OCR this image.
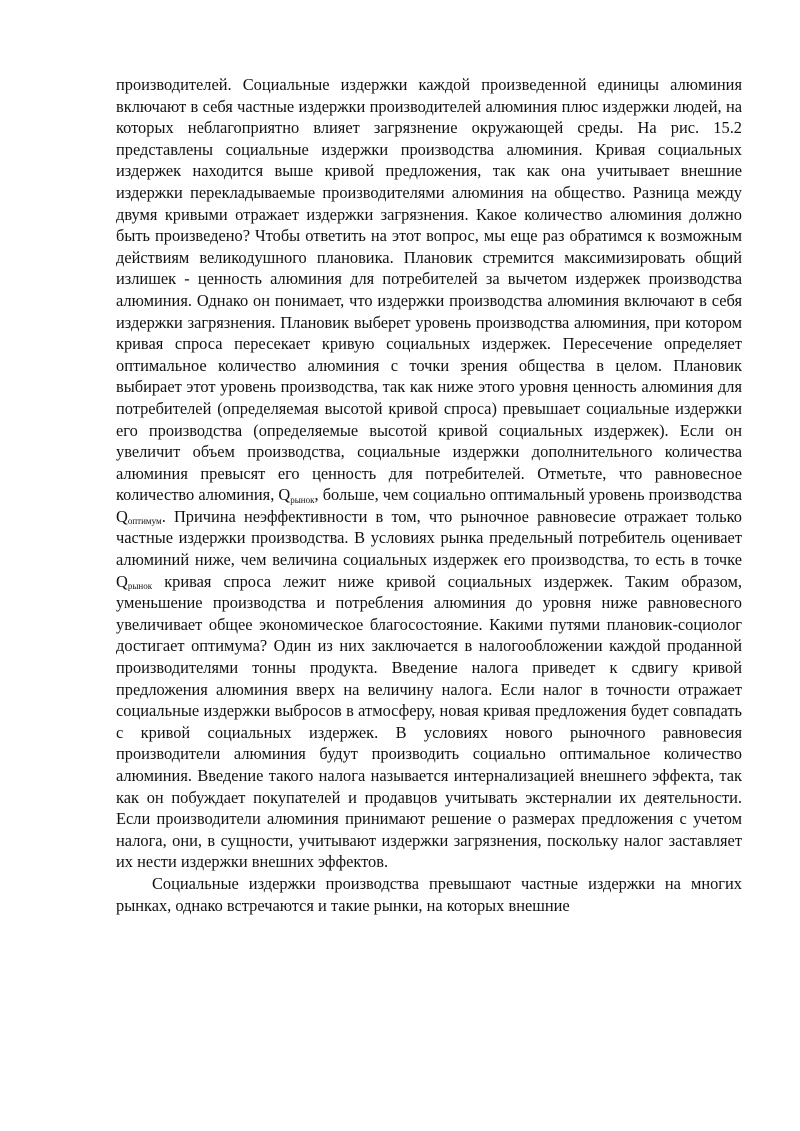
производителей. Социальные издержки каждой произведенной единицы алюминия включают в себя частные издержки производителей алюминия плюс издержки людей, на которых неблагоприятно влияет загрязнение окружающей среды. На рис. 15.2 представлены социальные издержки производства алюминия. Кривая социальных издержек находится выше кривой предложения, так как она учитывает внешние издержки перекладываемые производителями алюминия на общество. Разница между двумя кривыми отражает издержки загрязнения. Какое количество алюминия должно быть произведено? Чтобы ответить на этот вопрос, мы еще раз обратимся к возможным действиям великодушного плановика. Плановик стремится максимизировать общий излишек - ценность алюминия для потребителей за вычетом издержек производства алюминия. Однако он понимает, что издержки производства алюминия включают в себя издержки загрязнения. Плановик выберет уровень производства алюминия, при котором кривая спроса пересекает кривую социальных издержек. Пересечение определяет оптимальное количество алюминия с точки зрения общества в целом. Плановик выбирает этот уровень производства, так как ниже этого уровня ценность алюминия для потребителей (определяемая высотой кривой спроса) превышает социальные издержки его производства (определяемые высотой кривой социальных издержек). Если он увеличит объем производства, социальные издержки дополнительного количества алюминия превысят его ценность для потребителей. Отметьте, что равновесное количество алюминия, Qрынок, больше, чем социально оптимальный уровень производства Qоптимум. Причина неэффективности в том, что рыночное равновесие отражает только частные издержки производства. В условиях рынка предельный потребитель оценивает алюминий ниже, чем величина социальных издержек его производства, то есть в точке Qрынок кривая спроса лежит ниже кривой социальных издержек. Таким образом, уменьшение производства и потребления алюминия до уровня ниже равновесного увеличивает общее экономическое благосостояние. Какими путями плановик-социолог достигает оптимума? Один из них заключается в налогообложении каждой проданной производителями тонны продукта. Введение налога приведет к сдвигу кривой предложения алюминия вверх на величину налога. Если налог в точности отражает социальные издержки выбросов в атмосферу, новая кривая предложения будет совпадать с кривой социальных издержек. В условиях нового рыночного равновесия производители алюминия будут производить социально оптимальное количество алюминия. Введение такого налога называется интернализацией внешнего эффекта, так как он побуждает покупателей и продавцов учитывать экстерналии их деятельности. Если производители алюминия принимают решение о размерах предложения с учетом налога, они, в сущности, учитывают издержки загрязнения, поскольку налог заставляет их нести издержки внешних эффектов.

Социальные издержки производства превышают частные издержки на многих рынках, однако встречаются и такие рынки, на которых внешние
